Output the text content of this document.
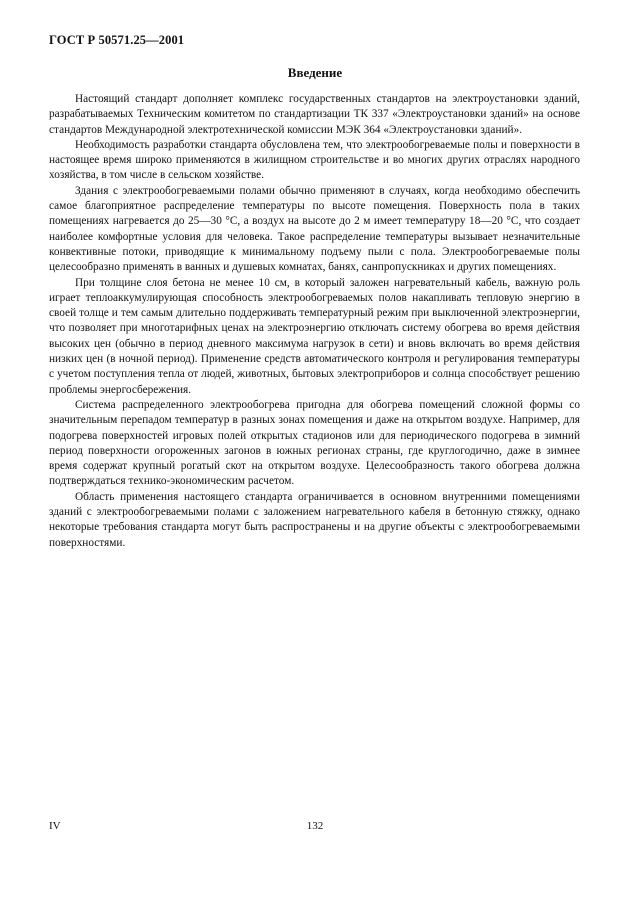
ГОСТ Р 50571.25—2001
Введение

Настоящий стандарт дополняет комплекс государственных стандартов на электроустановки зданий, разрабатываемых Техническим комитетом по стандартизации ТК 337 «Электроустановки зданий» на основе стандартов Международной электротехнической комиссии МЭК 364 «Электроустановки зданий».

Необходимость разработки стандарта обусловлена тем, что электрообогреваемые полы и поверхности в настоящее время широко применяются в жилищном строительстве и во многих других отраслях народного хозяйства, в том числе в сельском хозяйстве.

Здания с электрообогреваемыми полами обычно применяют в случаях, когда необходимо обеспечить самое благоприятное распределение температуры по высоте помещения. Поверхность пола в таких помещениях нагревается до 25—30 °С, а воздух на высоте до 2 м имеет температуру 18—20 °С, что создает наиболее комфортные условия для человека. Такое распределение температуры вызывает незначительные конвективные потоки, приводящие к минимальному подъему пыли с пола. Электрообогреваемые полы целесообразно применять в ванных и душевых комнатах, банях, санпропускниках и других помещениях.

При толщине слоя бетона не менее 10 см, в который заложен нагревательный кабель, важную роль играет теплоаккумулирующая способность электрообогреваемых полов накапливать тепловую энергию в своей толще и тем самым длительно поддерживать температурный режим при выключенной электроэнергии, что позволяет при многотарифных ценах на электроэнергию отключать систему обогрева во время действия высоких цен (обычно в период дневного максимума нагрузок в сети) и вновь включать во время действия низких цен (в ночной период). Применение средств автоматического контроля и регулирования температуры с учетом поступления тепла от людей, животных, бытовых электроприборов и солнца способствует решению проблемы энергосбережения.

Система распределенного электрообогрева пригодна для обогрева помещений сложной формы со значительным перепадом температур в разных зонах помещения и даже на открытом воздухе. Например, для подогрева поверхностей игровых полей открытых стадионов или для периодического подогрева в зимний период поверхности огороженных загонов в южных регионах страны, где круглогодично, даже в зимнее время содержат крупный рогатый скот на открытом воздухе. Целесообразность такого обогрева должна подтверждаться технико-экономическим расчетом.

Область применения настоящего стандарта ограничивается в основном внутренними помещениями зданий с электрообогреваемыми полами с заложением нагревательного кабеля в бетонную стяжку, однако некоторые требования стандарта могут быть распространены и на другие объекты с электрообогреваемыми поверхностями.

IV	132
